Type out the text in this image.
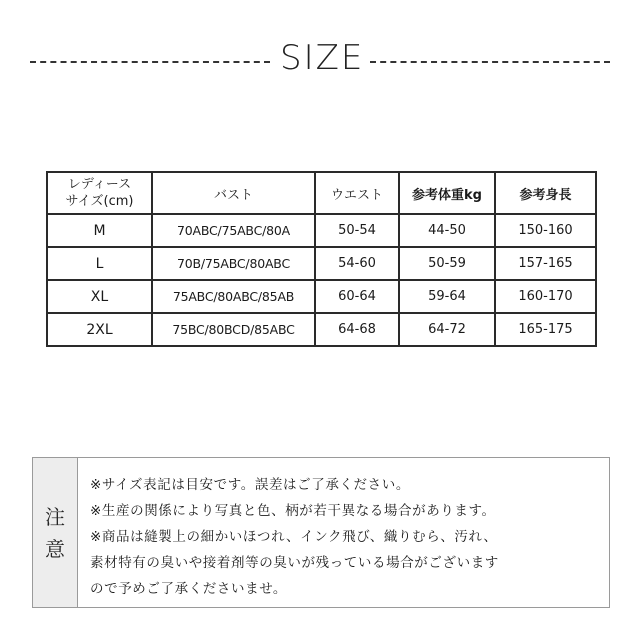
SIZE
レディース
サイズ(cm)	バスト	ウエスト	参考体重kg	参考身長
M	70ABC/75ABC/80A	50-54	44-50	150-160
L	70B/75ABC/80ABC	54-60	50-59	157-165
XL	75ABC/80ABC/85AB	60-64	59-64	160-170
2XL	75BC/80BCD/85ABC	64-68	64-72	165-175
注
意
※サイズ表記は目安です。誤差はご了承ください。
※生産の関係により写真と色、柄が若干異なる場合があります。
※商品は縫製上の細かいほつれ、インク飛び、織りむら、汚れ、
素材特有の臭いや接着剤等の臭いが残っている場合がございます
ので予めご了承くださいませ。
